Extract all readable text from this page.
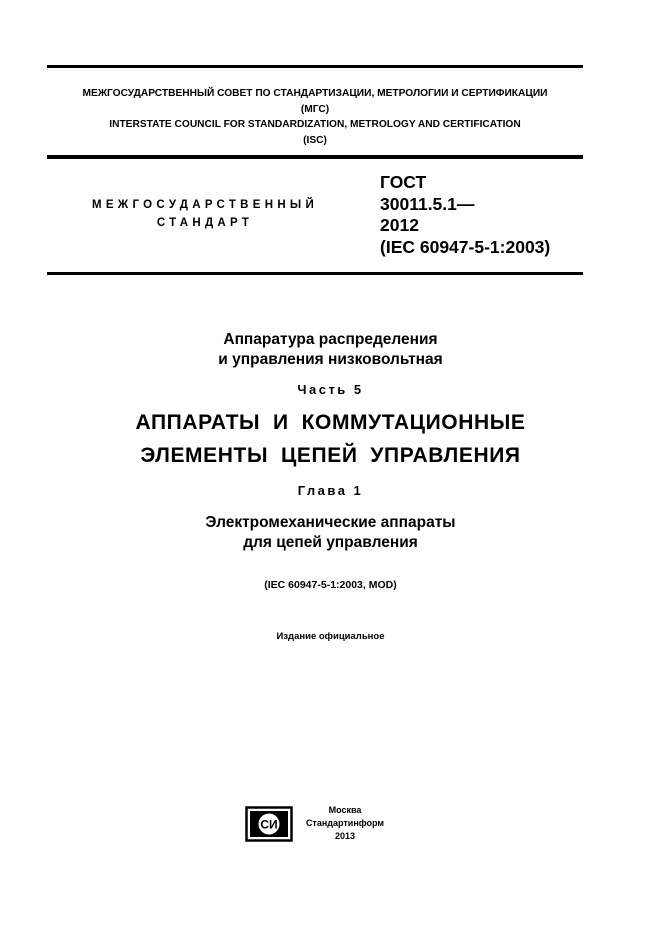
МЕЖГОСУДАРСТВЕННЫЙ СОВЕТ ПО СТАНДАРТИЗАЦИИ, МЕТРОЛОГИИ И СЕРТИФИКАЦИИ
(МГС)
INTERSTATE COUNCIL FOR STANDARDIZATION, METROLOGY AND CERTIFICATION
(ISC)
МЕЖГОСУДАРСТВЕННЫЙ
СТАНДАРТ
ГОСТ
30011.5.1—
2012
(IEC 60947-5-1:2003)
Аппаратура распределения
и управления низковольтная
Часть 5
АППАРАТЫ  И  КОММУТАЦИОННЫЕ
ЭЛЕМЕНТЫ  ЦЕПЕЙ  УПРАВЛЕНИЯ
Глава 1
Электромеханические аппараты
для цепей управления
(IEC 60947-5-1:2003, MOD)
Издание официальное
СИ
Москва
Стандартинформ
2013
